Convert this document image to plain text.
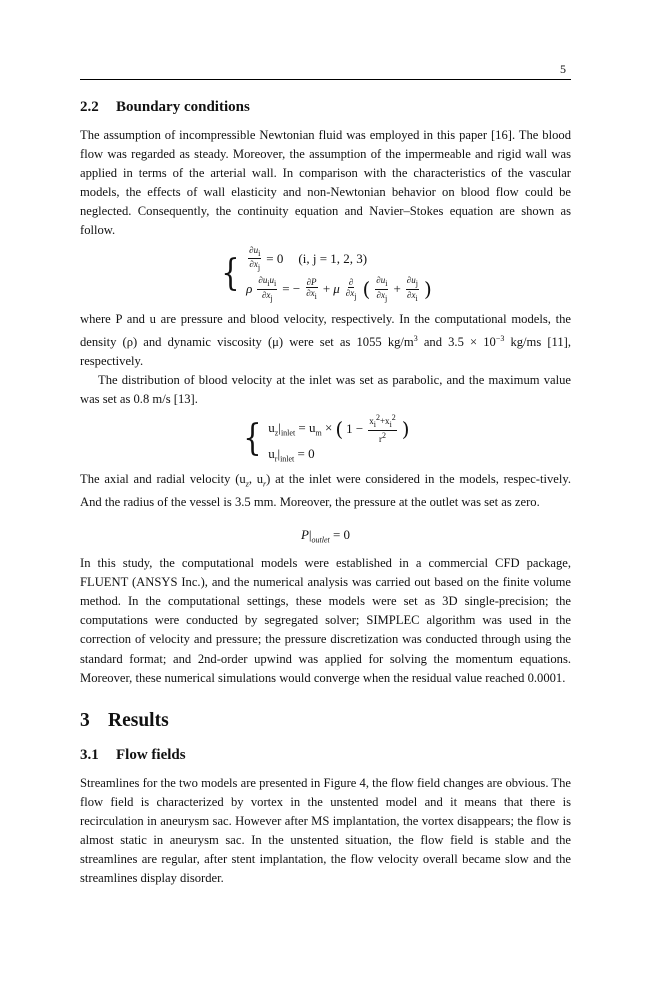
5
2.2 Boundary conditions

The assumption of incompressible Newtonian fluid was employed in this paper [16]. The blood flow was regarded as steady. Moreover, the assumption of the impermeable and rigid wall was applied in terms of the arterial wall. In comparison with the characteristics of the vascular models, the effects of wall elasticity and non-Newtonian behavior on blood flow could be neglected. Consequently, the continuity equation and Navier–Stokes equation are shown as follow.

{ $\frac{\partial u_i}{\partial x_j} = 0$ (i, j = 1, 2, 3)
ρ $\frac{\partial u_iu_i}{\partial x_j}$ = − $\frac{\partial P}{\partial x_i} + \mu \frac{\partial}{\partial x_j}$ ( $\frac{\partial u_i}{\partial x_j} + \frac{\partial u_j}{\partial x_i}$ )

where P and u are pressure and blood velocity, respectively. In the computational models, the density (ρ) and dynamic viscosity (μ) were set as 1055 $kg/m^3$ and $3.5 \times 10^{-3}$ kg/ms [11], respectively.

The distribution of blood velocity at the inlet was set as parabolic, and the maximum value was set as 0.8 m/s [13].

{ $u_z|_{inlet} = u_m$ × ( $1 - \frac{x_i^2+x_i^2}{r^2}$ )
$u_r|_{inlet} = 0$

The axial and radial velocity ($u_z$, $u_r$) at the inlet were considered in the models, respec-tively. And the radius of the vessel is 3.5 mm. Moreover, the pressure at the outlet was set as zero.

$P|_{outlet} = 0$

In this study, the computational models were established in a commercial CFD package, FLUENT (ANSYS Inc.), and the numerical analysis was carried out based on the finite volume method. In the computational settings, these models were set as 3D single-precision; the computations were conducted by segregated solver; SIMPLEC algorithm was used in the correction of velocity and pressure; the pressure discretization was conducted through using the standard format; and 2nd-order upwind was applied for solving the momentum equations. Moreover, these numerical simulations would converge when the residual value reached 0.0001.

3 Results
3.1 Flow fields

Streamlines for the two models are presented in Figure 4, the flow field changes are obvious. The flow field is characterized by vortex in the unstented model and it means that there is recirculation in aneurysm sac. However after MS implantation, the vortex disappears; the flow is almost static in aneurysm sac. In the unstented situation, the flow field is stable and the streamlines are regular, after stent implantation, the flow velocity overall became slow and the streamlines display disorder.
